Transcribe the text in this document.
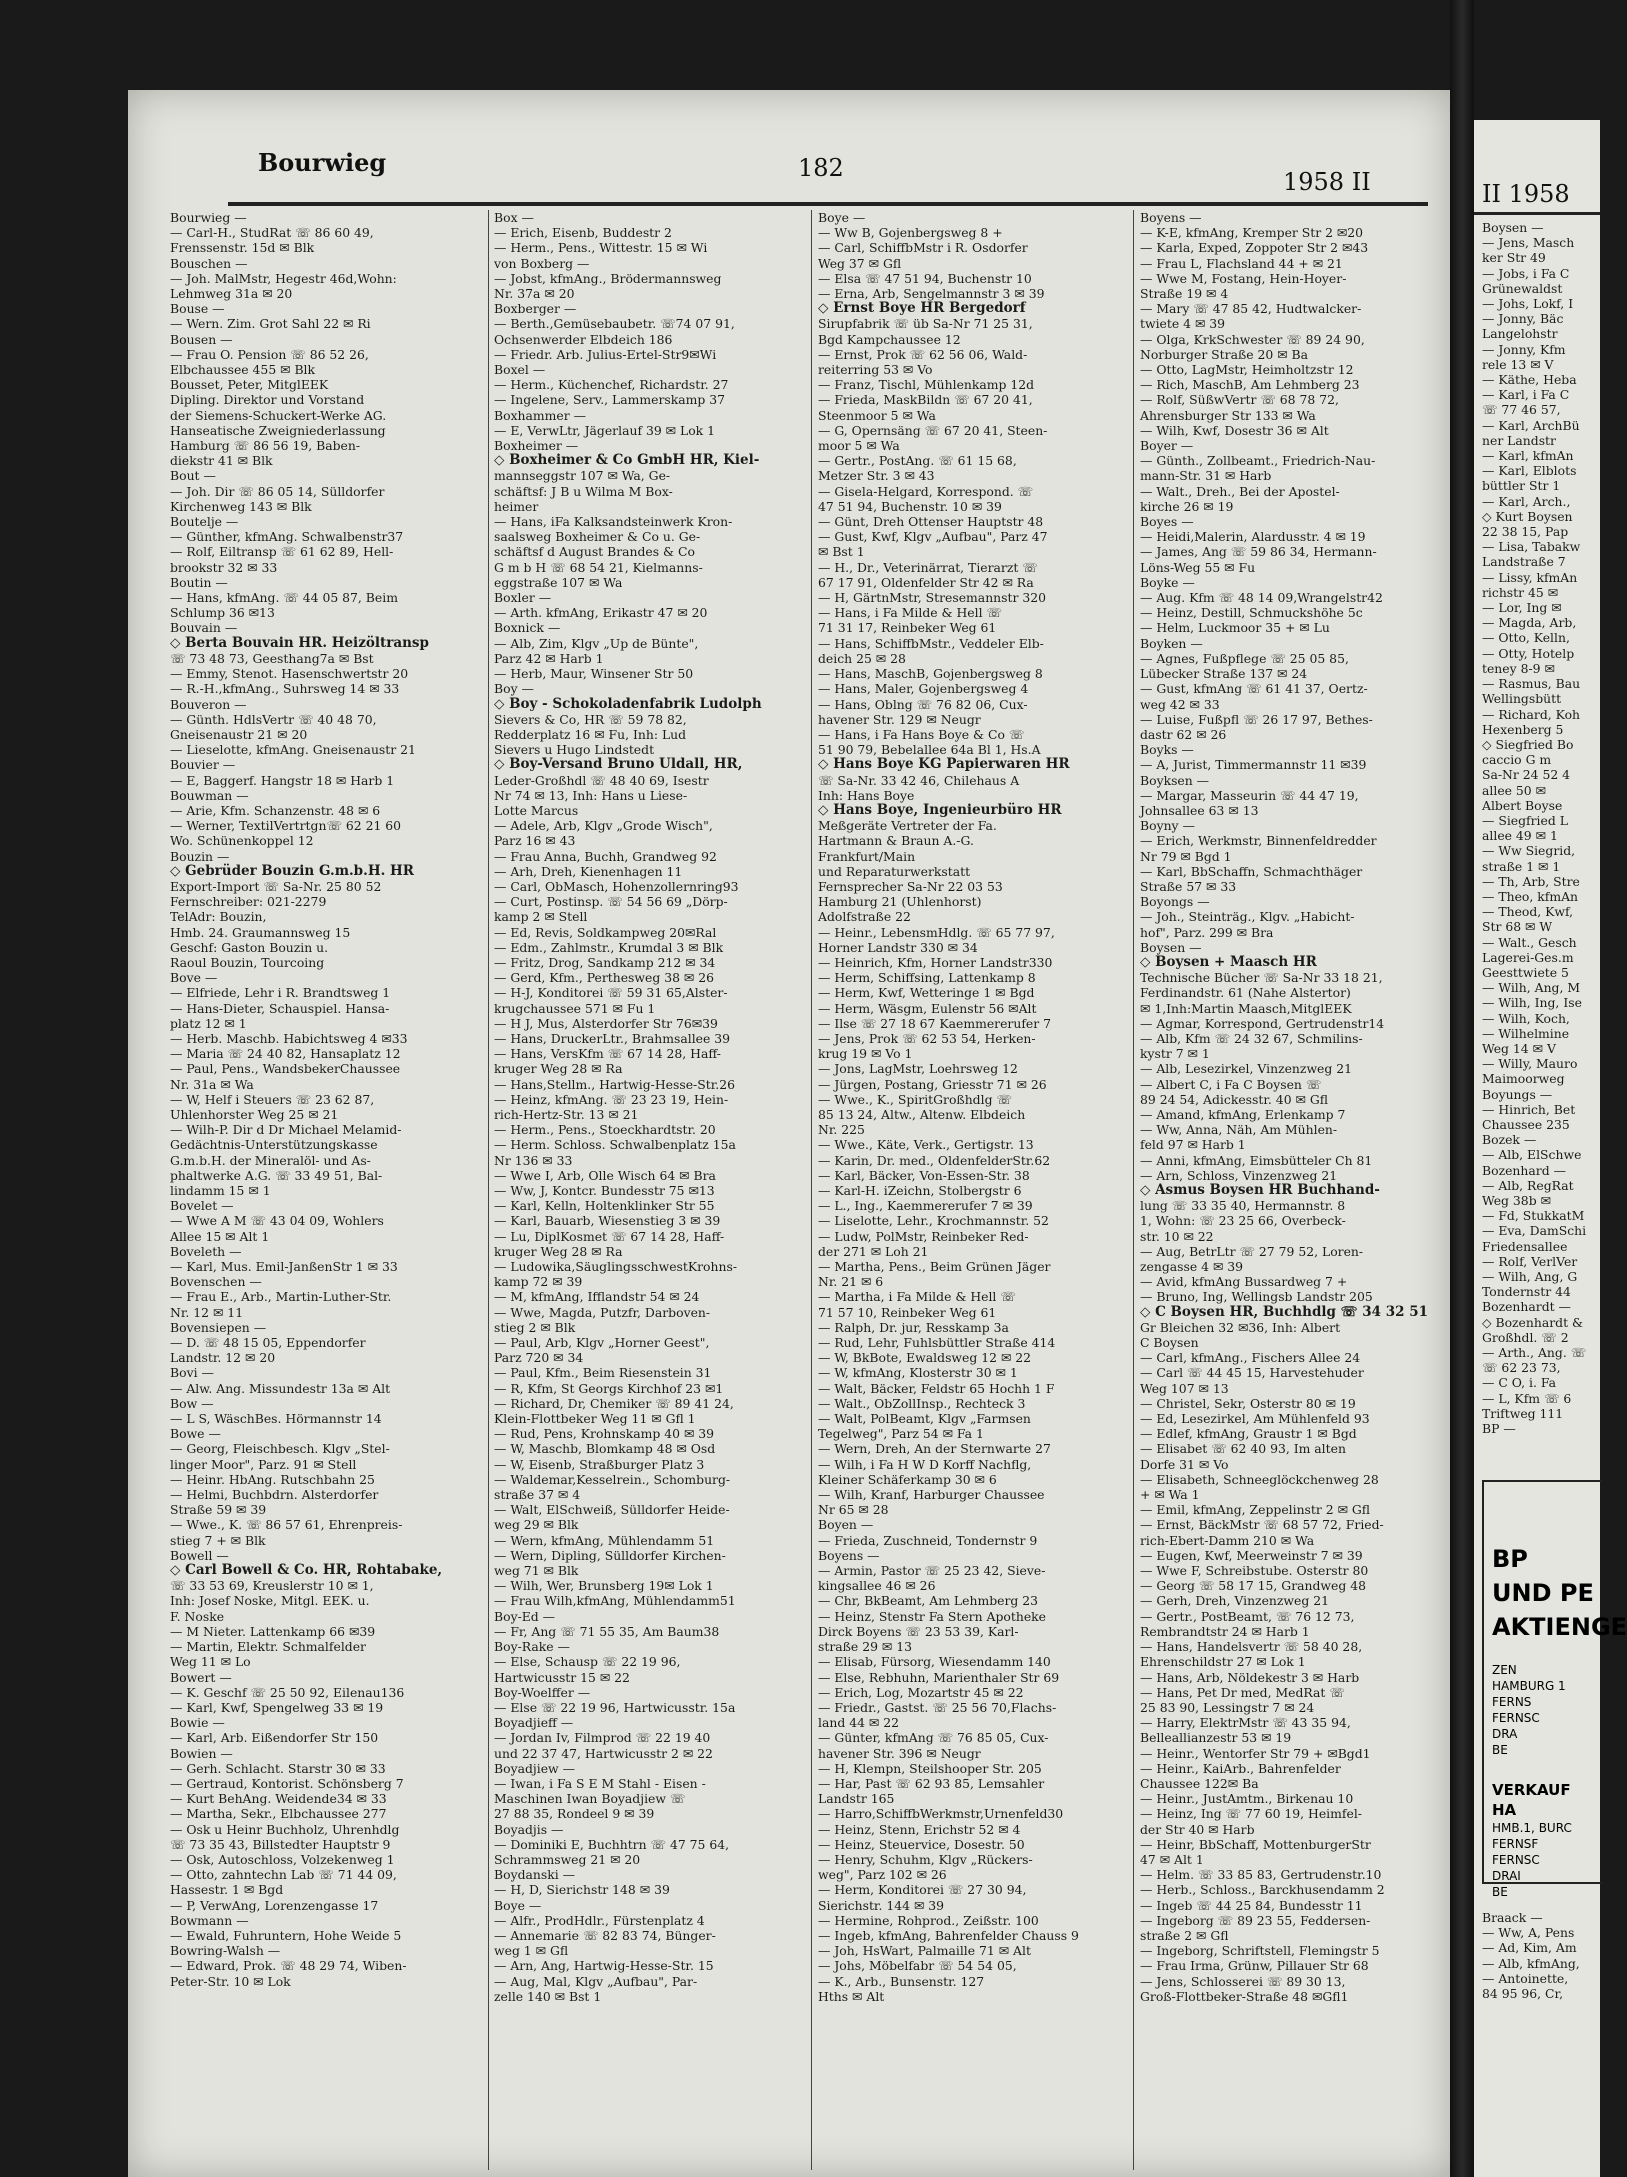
Bourwieg	182	1958 II
Bourwieg —
— Carl-H., StudRat ☏ 86 60 49,
Frenssenstr. 15d ✉ Blk
Bouschen —
— Joh. MalMstr, Hegestr 46d,Wohn:
Lehmweg 31a ✉ 20
Bouse —
— Wern. Zim. Grot Sahl 22 ✉ Ri
Bousen —
— Frau O. Pension ☏ 86 52 26,
Elbchaussee 455 ✉ Blk
Bousset, Peter, MitglEEK
Dipling. Direktor und Vorstand
der Siemens-Schuckert-Werke AG.
Hanseatische Zweigniederlassung
Hamburg ☏ 86 56 19, Baben-
diekstr 41 ✉ Blk
Bout —
— Joh. Dir ☏ 86 05 14, Sülldorfer
Kirchenweg 143 ✉ Blk
Boutelje —
— Günther, kfmAng. Schwalbenstr37
— Rolf, Eiltransp ☏ 61 62 89, Hell-
brookstr 32 ✉ 33
Boutin —
— Hans, kfmAng. ☏ 44 05 87, Beim
Schlump 36 ✉13
Bouvain —
◇ Berta Bouvain HR. Heizöltransp
☏ 73 48 73, Geesthang7a ✉ Bst
— Emmy, Stenot. Hasenschwertstr 20
— R.-H.,kfmAng., Suhrsweg 14 ✉ 33
Bouveron —
— Günth. HdlsVertr ☏ 40 48 70,
Gneisenaustr 21 ✉ 20
— Lieselotte, kfmAng. Gneisenaustr 21
Bouvier —
— E, Baggerf. Hangstr 18 ✉ Harb 1
Bouwman —
— Arie, Kfm. Schanzenstr. 48 ✉ 6
— Werner, TextilVertrtgn☏ 62 21 60
Wo. Schünenkoppel 12
Bouzin —
◇ Gebrüder Bouzin G.m.b.H. HR
Export-Import ☏ Sa-Nr. 25 80 52
Fernschreiber: 021-2279
TelAdr: Bouzin,
Hmb. 24. Graumannsweg 15
Geschf: Gaston Bouzin u.
Raoul Bouzin, Tourcoing
Bove —
— Elfriede, Lehr i R. Brandtsweg 1
— Hans-Dieter, Schauspiel. Hansa-
platz 12 ✉ 1
— Herb. Maschb. Habichtsweg 4 ✉33
— Maria ☏ 24 40 82, Hansaplatz 12
— Paul, Pens., WandsbekerChaussee
Nr. 31a ✉ Wa
— W, Helf i Steuers ☏ 23 62 87,
Uhlenhorster Weg 25 ✉ 21
— Wilh-P. Dir d Dr Michael Melamid-
Gedächtnis-Unterstützungskasse
G.m.b.H. der Mineralöl- und As-
phaltwerke A.G. ☏ 33 49 51, Bal-
lindamm 15 ✉ 1
Bovelet —
— Wwe A M ☏ 43 04 09, Wohlers
Allee 15 ✉ Alt 1
Boveleth —
— Karl, Mus. Emil-JanßenStr 1 ✉ 33
Bovenschen —
— Frau E., Arb., Martin-Luther-Str.
Nr. 12 ✉ 11
Bovensiepen —
— D. ☏ 48 15 05, Eppendorfer
Landstr. 12 ✉ 20
Bovi —
— Alw. Ang. Missundestr 13a ✉ Alt
Bow —
— L S, WäschBes. Hörmannstr 14
Bowe —
— Georg, Fleischbesch. Klgv „Stel-
linger Moor", Parz. 91 ✉ Stell
— Heinr. HbAng. Rutschbahn 25
— Helmi, Buchbdrn. Alsterdorfer
Straße 59 ✉ 39
— Wwe., K. ☏ 86 57 61, Ehrenpreis-
stieg 7 + ✉ Blk
Bowell —
◇ Carl Bowell & Co. HR, Rohtabake,
☏ 33 53 69, Kreuslerstr 10 ✉ 1,
Inh: Josef Noske, Mitgl. EEK. u.
F. Noske
— M Nieter. Lattenkamp 66 ✉39
— Martin, Elektr. Schmalfelder
Weg 11 ✉ Lo
Bowert —
— K. Geschf ☏ 25 50 92, Eilenau136
— Karl, Kwf, Spengelweg 33 ✉ 19
Bowie —
— Karl, Arb. Eißendorfer Str 150
Bowien —
— Gerh. Schlacht. Starstr 30 ✉ 33
— Gertraud, Kontorist. Schönsberg 7
— Kurt BehAng. Weidende34 ✉ 33
— Martha, Sekr., Elbchaussee 277
— Osk u Heinr Buchholz, Uhrenhdlg
☏ 73 35 43, Billstedter Hauptstr 9
— Osk, Autoschloss, Volzekenweg 1
— Otto, zahntechn Lab ☏ 71 44 09,
Hassestr. 1 ✉ Bgd
— P, VerwAng, Lorenzengasse 17
Bowmann —
— Ewald, Fuhruntern, Hohe Weide 5
Bowring-Walsh —
— Edward, Prok. ☏ 48 29 74, Wiben-
Peter-Str. 10 ✉ Lok
Box —
— Erich, Eisenb, Buddestr 2
— Herm., Pens., Wittestr. 15 ✉ Wi
von Boxberg —
— Jobst, kfmAng., Brödermannsweg
Nr. 37a ✉ 20
Boxberger —
— Berth.,Gemüsebaubetr. ☏74 07 91,
Ochsenwerder Elbdeich 186
— Friedr. Arb. Julius-Ertel-Str9✉Wi
Boxel —
— Herm., Küchenchef, Richardstr. 27
— Ingelene, Serv., Lammerskamp 37
Boxhammer —
— E, VerwLtr, Jägerlauf 39 ✉ Lok 1
Boxheimer —
◇ Boxheimer & Co GmbH HR, Kiel-
mannseggstr 107 ✉ Wa, Ge-
schäftsf: J B u Wilma M Box-
heimer
— Hans, iFa Kalksandsteinwerk Kron-
saalsweg Boxheimer & Co u. Ge-
schäftsf d August Brandes & Co
G m b H ☏ 68 54 21, Kielmanns-
eggstraße 107 ✉ Wa
Boxler —
— Arth. kfmAng, Erikastr 47 ✉ 20
Boxnick —
— Alb, Zim, Klgv „Up de Bünte",
Parz 42 ✉ Harb 1
— Herb, Maur, Winsener Str 50
Boy —
◇ Boy - Schokoladenfabrik Ludolph
Sievers & Co, HR ☏ 59 78 82,
Redderplatz 16 ✉ Fu, Inh: Lud
Sievers u Hugo Lindstedt
◇ Boy-Versand Bruno Uldall, HR,
Leder-Großhdl ☏ 48 40 69, Isestr
Nr 74 ✉ 13, Inh: Hans u Liese-
Lotte Marcus
— Adele, Arb, Klgv „Grode Wisch",
Parz 16 ✉ 43
— Frau Anna, Buchh, Grandweg 92
— Arh, Dreh, Kienenhagen 11
— Carl, ObMasch, Hohenzollernring93
— Curt, Postinsp. ☏ 54 56 69 „Dörp-
kamp 2 ✉ Stell
— Ed, Revis, Soldkampweg 20✉Ral
— Edm., Zahlmstr., Krumdal 3 ✉ Blk
— Fritz, Drog, Sandkamp 212 ✉ 34
— Gerd, Kfm., Perthesweg 38 ✉ 26
— H-J, Konditorei ☏ 59 31 65,Alster-
krugchaussee 571 ✉ Fu 1
— H J, Mus, Alsterdorfer Str 76✉39
— Hans, DruckerLtr., Brahmsallee 39
— Hans, VersKfm ☏ 67 14 28, Haff-
kruger Weg 28 ✉ Ra
— Hans,Stellm., Hartwig-Hesse-Str.26
— Heinz, kfmAng. ☏ 23 23 19, Hein-
rich-Hertz-Str. 13 ✉ 21
— Herm., Pens., Stoeckhardtstr. 20
— Herm. Schloss. Schwalbenplatz 15a
Nr 136 ✉ 33
— Wwe I, Arb, Olle Wisch 64 ✉ Bra
— Ww, J, Kontcr. Bundesstr 75 ✉13
— Karl, Kelln, Holtenklinker Str 55
— Karl, Bauarb, Wiesenstieg 3 ✉ 39
— Lu, DiplKosmet ☏ 67 14 28, Haff-
kruger Weg 28 ✉ Ra
— Ludowika,SäuglingsschwestKrohns-
kamp 72 ✉ 39
— M, kfmAng, Ifflandstr 54 ✉ 24
— Wwe, Magda, Putzfr, Darboven-
stieg 2 ✉ Blk
— Paul, Arb, Klgv „Horner Geest",
Parz 720 ✉ 34
— Paul, Kfm., Beim Riesenstein 31
— R, Kfm, St Georgs Kirchhof 23 ✉1
— Richard, Dr, Chemiker ☏ 89 41 24,
Klein-Flottbeker Weg 11 ✉ Gfl 1
— Rud, Pens, Krohnskamp 40 ✉ 39
— W, Maschb, Blomkamp 48 ✉ Osd
— W, Eisenb, Straßburger Platz 3
— Waldemar,Kesselrein., Schomburg-
straße 37 ✉ 4
— Walt, ElSchweiß, Sülldorfer Heide-
weg 29 ✉ Blk
— Wern, kfmAng, Mühlendamm 51
— Wern, Dipling, Sülldorfer Kirchen-
weg 71 ✉ Blk
— Wilh, Wer, Brunsberg 19✉ Lok 1
— Frau Wilh,kfmAng, Mühlendamm51
Boy-Ed —
— Fr, Ang ☏ 71 55 35, Am Baum38
Boy-Rake —
— Else, Schausp ☏ 22 19 96,
Hartwicusstr 15 ✉ 22
Boy-Woelffer —
— Else ☏ 22 19 96, Hartwicusstr. 15a
Boyadjieff —
— Jordan Iv, Filmprod ☏ 22 19 40
und 22 37 47, Hartwicusstr 2 ✉ 22
Boyadjiew —
— Iwan, i Fa S E M Stahl - Eisen -
Maschinen Iwan Boyadjiew ☏
27 88 35, Rondeel 9 ✉ 39
Boyadjis —
— Dominiki E, Buchhtrn ☏ 47 75 64,
Schrammsweg 21 ✉ 20
Boydanski —
— H, D, Sierichstr 148 ✉ 39
Boye —
— Alfr., ProdHdlr., Fürstenplatz 4
— Annemarie ☏ 82 83 74, Bünger-
weg 1 ✉ Gfl
— Arn, Ang, Hartwig-Hesse-Str. 15
— Aug, Mal, Klgv „Aufbau", Par-
zelle 140 ✉ Bst 1
Boye —
— Ww B, Gojenbergsweg 8 +
— Carl, SchiffbMstr i R. Osdorfer
Weg 37 ✉ Gfl
— Elsa ☏ 47 51 94, Buchenstr 10
— Erna, Arb, Sengelmannstr 3 ✉ 39
◇ Ernst Boye HR Bergedorf
Sirupfabrik ☏ üb Sa-Nr 71 25 31,
Bgd Kampchaussee 12
— Ernst, Prok ☏ 62 56 06, Wald-
reiterring 53 ✉ Vo
— Franz, Tischl, Mühlenkamp 12d
— Frieda, MaskBildn ☏ 67 20 41,
Steenmoor 5 ✉ Wa
— G, Opernsäng ☏ 67 20 41, Steen-
moor 5 ✉ Wa
— Gertr., PostAng. ☏ 61 15 68,
Metzer Str. 3 ✉ 43
— Gisela-Helgard, Korrespond. ☏
47 51 94, Buchenstr. 10 ✉ 39
— Günt, Dreh Ottenser Hauptstr 48
— Gust, Kwf, Klgv „Aufbau", Parz 47
✉ Bst 1
— H., Dr., Veterinärrat, Tierarzt ☏
67 17 91, Oldenfelder Str 42 ✉ Ra
— H, GärtnMstr, Stresemannstr 320
— Hans, i Fa Milde & Hell ☏
71 31 17, Reinbeker Weg 61
— Hans, SchiffbMstr., Veddeler Elb-
deich 25 ✉ 28
— Hans, MaschB, Gojenbergsweg 8
— Hans, Maler, Gojenbergsweg 4
— Hans, Oblng ☏ 76 82 06, Cux-
havener Str. 129 ✉ Neugr
— Hans, i Fa Hans Boye & Co ☏
51 90 79, Bebelallee 64a Bl 1, Hs.A
◇ Hans Boye KG Papierwaren HR
☏ Sa-Nr. 33 42 46, Chilehaus A
Inh: Hans Boye
◇ Hans Boye, Ingenieurbüro HR
Meßgeräte Vertreter der Fa.
Hartmann & Braun A.-G.
Frankfurt/Main
und Reparaturwerkstatt
Fernsprecher Sa-Nr 22 03 53
Hamburg 21 (Uhlenhorst)
Adolfstraße 22
— Heinr., LebensmHdlg. ☏ 65 77 97,
Horner Landstr 330 ✉ 34
— Heinrich, Kfm, Horner Landstr330
— Herm, Schiffsing, Lattenkamp 8
— Herm, Kwf, Wetteringe 1 ✉ Bgd
— Herm, Wäsgm, Eulenstr 56 ✉Alt
— Ilse ☏ 27 18 67 Kaemmererufer 7
— Jens, Prok ☏ 62 53 54, Herken-
krug 19 ✉ Vo 1
— Jons, LagMstr, Loehrsweg 12
— Jürgen, Postang, Griesstr 71 ✉ 26
— Wwe., K., SpiritGroßhdlg ☏
85 13 24, Altw., Altenw. Elbdeich
Nr. 225
— Wwe., Käte, Verk., Gertigstr. 13
— Karin, Dr. med., OldenfelderStr.62
— Karl, Bäcker, Von-Essen-Str. 38
— Karl-H. iZeichn, Stolbergstr 6
— L., Ing., Kaemmererufer 7 ✉ 39
— Liselotte, Lehr., Krochmannstr. 52
— Ludw, PolMstr, Reinbeker Red-
der 271 ✉ Loh 21
— Martha, Pens., Beim Grünen Jäger
Nr. 21 ✉ 6
— Martha, i Fa Milde & Hell ☏
71 57 10, Reinbeker Weg 61
— Ralph, Dr. jur, Resskamp 3a
— Rud, Lehr, Fuhlsbüttler Straße 414
— W, BkBote, Ewaldsweg 12 ✉ 22
— W, kfmAng, Klosterstr 30 ✉ 1
— Walt, Bäcker, Feldstr 65 Hochh 1 F
— Walt., ObZollInsp., Rechteck 3
— Walt, PolBeamt, Klgv „Farmsen
Tegelweg", Parz 54 ✉ Fa 1
— Wern, Dreh, An der Sternwarte 27
— Wilh, i Fa H W D Korff Nachflg,
Kleiner Schäferkamp 30 ✉ 6
— Wilh, Kranf, Harburger Chaussee
Nr 65 ✉ 28
Boyen —
— Frieda, Zuschneid, Tondernstr 9
Boyens —
— Armin, Pastor ☏ 25 23 42, Sieve-
kingsallee 46 ✉ 26
— Chr, BkBeamt, Am Lehmberg 23
— Heinz, Stenstr Fa Stern Apotheke
Dirck Boyens ☏ 23 53 39, Karl-
straße 29 ✉ 13
— Elisab, Fürsorg, Wiesendamm 140
— Else, Rebhuhn, Marienthaler Str 69
— Erich, Log, Mozartstr 45 ✉ 22
— Friedr., Gastst. ☏ 25 56 70,Flachs-
land 44 ✉ 22
— Günter, kfmAng ☏ 76 85 05, Cux-
havener Str. 396 ✉ Neugr
— H, Klempn, Steilshooper Str. 205
— Har, Past ☏ 62 93 85, Lemsahler
Landstr 165
— Harro,SchiffbWerkmstr,Urnenfeld30
— Heinz, Stenn, Erichstr 52 ✉ 4
— Heinz, Steuervice, Dosestr. 50
— Henry, Schuhm, Klgv „Rückers-
weg", Parz 102 ✉ 26
— Herm, Konditorei ☏ 27 30 94,
Sierichstr. 144 ✉ 39
— Hermine, Rohprod., Zeißstr. 100
— Ingeb, kfmAng, Bahrenfelder Chauss 9
— Joh, HsWart, Palmaille 71 ✉ Alt
— Johs, Möbelfabr ☏ 54 54 05,
— K., Arb., Bunsenstr. 127
Hths ✉ Alt
Boyens —
— K-E, kfmAng, Kremper Str 2 ✉20
— Karla, Exped, Zoppoter Str 2 ✉43
— Frau L, Flachsland 44 + ✉ 21
— Wwe M, Fostang, Hein-Hoyer-
Straße 19 ✉ 4
— Mary ☏ 47 85 42, Hudtwalcker-
twiete 4 ✉ 39
— Olga, KrkSchwester ☏ 89 24 90,
Norburger Straße 20 ✉ Ba
— Otto, LagMstr, Heimholtzstr 12
— Rich, MaschB, Am Lehmberg 23
— Rolf, SüßwVertr ☏ 68 78 72,
Ahrensburger Str 133 ✉ Wa
— Wilh, Kwf, Dosestr 36 ✉ Alt
Boyer —
— Günth., Zollbeamt., Friedrich-Nau-
mann-Str. 31 ✉ Harb
— Walt., Dreh., Bei der Apostel-
kirche 26 ✉ 19
Boyes —
— Heidi,Malerin, Alardusstr. 4 ✉ 19
— James, Ang ☏ 59 86 34, Hermann-
Löns-Weg 55 ✉ Fu
Boyke —
— Aug. Kfm ☏ 48 14 09,Wrangelstr42
— Heinz, Destill, Schmuckshöhe 5c
— Helm, Luckmoor 35 + ✉ Lu
Boyken —
— Agnes, Fußpflege ☏ 25 05 85,
Lübecker Straße 137 ✉ 24
— Gust, kfmAng ☏ 61 41 37, Oertz-
weg 42 ✉ 33
— Luise, Fußpfl ☏ 26 17 97, Bethes-
dastr 62 ✉ 26
Boyks —
— A, Jurist, Timmermannstr 11 ✉39
Boyksen —
— Margar, Masseurin ☏ 44 47 19,
Johnsallee 63 ✉ 13
Boyny —
— Erich, Werkmstr, Binnenfeldredder
Nr 79 ✉ Bgd 1
— Karl, BbSchaffn, Schmachthäger
Straße 57 ✉ 33
Boyongs —
— Joh., Steinträg., Klgv. „Habicht-
hof", Parz. 299 ✉ Bra
Boysen —
◇ Boysen + Maasch HR
Technische Bücher ☏ Sa-Nr 33 18 21,
Ferdinandstr. 61 (Nahe Alstertor)
✉ 1,Inh:Martin Maasch,MitglEEK
— Agmar, Korrespond, Gertrudenstr14
— Alb, Kfm ☏ 24 32 67, Schmilins-
kystr 7 ✉ 1
— Alb, Lesezirkel, Vinzenzweg 21
— Albert C, i Fa C Boysen ☏
89 24 54, Adickesstr. 40 ✉ Gfl
— Amand, kfmAng, Erlenkamp 7
— Ww, Anna, Näh, Am Mühlen-
feld 97 ✉ Harb 1
— Anni, kfmAng, Eimsbütteler Ch 81
— Arn, Schloss, Vinzenzweg 21
◇ Asmus Boysen HR Buchhand-
lung ☏ 33 35 40, Hermannstr. 8
1, Wohn: ☏ 23 25 66, Overbeck-
str. 10 ✉ 22
— Aug, BetrLtr ☏ 27 79 52, Loren-
zengasse 4 ✉ 39
— Avid, kfmAng Bussardweg 7 +
— Bruno, Ing, Wellingsb Landstr 205
◇ C Boysen HR, Buchhdlg ☏ 34 32 51
Gr Bleichen 32 ✉36, Inh: Albert
C Boysen
— Carl, kfmAng., Fischers Allee 24
— Carl ☏ 44 45 15, Harvestehuder
Weg 107 ✉ 13
— Christel, Sekr, Osterstr 80 ✉ 19
— Ed, Lesezirkel, Am Mühlenfeld 93
— Edlef, kfmAng, Graustr 1 ✉ Bgd
— Elisabet ☏ 62 40 93, Im alten
Dorfe 31 ✉ Vo
— Elisabeth, Schneeglöckchenweg 28
+ ✉ Wa 1
— Emil, kfmAng, Zeppelinstr 2 ✉ Gfl
— Ernst, BäckMstr ☏ 68 57 72, Fried-
rich-Ebert-Damm 210 ✉ Wa
— Eugen, Kwf, Meerweinstr 7 ✉ 39
— Wwe F, Schreibstube. Osterstr 80
— Georg ☏ 58 17 15, Grandweg 48
— Gerh, Dreh, Vinzenzweg 21
— Gertr., PostBeamt, ☏ 76 12 73,
Rembrandtstr 24 ✉ Harb 1
— Hans, Handelsvertr ☏ 58 40 28,
Ehrenschildstr 27 ✉ Lok 1
— Hans, Arb, Nöldekestr 3 ✉ Harb
— Hans, Pet Dr med, MedRat ☏
25 83 90, Lessingstr 7 ✉ 24
— Harry, ElektrMstr ☏ 43 35 94,
Belleallianzestr 53 ✉ 19
— Heinr., Wentorfer Str 79 + ✉Bgd1
— Heinr., KaiArb., Bahrenfelder
Chaussee 122✉ Ba
— Heinr., JustAmtm., Birkenau 10
— Heinz, Ing ☏ 77 60 19, Heimfel-
der Str 40 ✉ Harb
— Heinr, BbSchaff, MottenburgerStr
47 ✉ Alt 1
— Helm. ☏ 33 85 83, Gertrudenstr.10
— Herb., Schloss., Barckhusendamm 2
— Ingeb ☏ 44 25 84, Bundesstr 11
— Ingeborg ☏ 89 23 55, Feddersen-
straße 2 ✉ Gfl
— Ingeborg, Schriftstell, Flemingstr 5
— Frau Irma, Grünw, Pillauer Str 68
— Jens, Schlosserei ☏ 89 30 13,
Groß-Flottbeker-Straße 48 ✉Gfl1
II 1958
Boysen —
— Jens, Masch
ker Str 49
— Jobs, i Fa C
Grünewaldst
— Johs, Lokf, I
— Jonny, Bäc
Langelohstr
— Jonny, Kfm
rele 13 ✉ V
— Käthe, Heba
— Karl, i Fa C
☏ 77 46 57,
— Karl, ArchBü
ner Landstr
— Karl, kfmAn
— Karl, Elblots
büttler Str 1
— Karl, Arch.,
◇ Kurt Boysen
22 38 15, Pap
— Lisa, Tabakw
Landstraße 7
— Lissy, kfmAn
richstr 45 ✉
— Lor, Ing ✉
— Magda, Arb,
— Otto, Kelln,
— Otty, Hotelp
teney 8-9 ✉
— Rasmus, Bau
Wellingsbütt
— Richard, Koh
Hexenberg 5
◇ Siegfried Bo
caccio G m
Sa-Nr 24 52 4
allee 50 ✉
Albert Boyse
— Siegfried L
allee 49 ✉ 1
— Ww Siegrid,
straße 1 ✉ 1
— Th, Arb, Stre
— Theo, kfmAn
— Theod, Kwf,
Str 68 ✉ W
— Walt., Gesch
Lagerei-Ges.m
Geesttwiete 5
— Wilh, Ang, M
— Wilh, Ing, Ise
— Wilh, Koch,
— Wilhelmine
Weg 14 ✉ V
— Willy, Mauro
Maimoorweg
Boyungs —
— Hinrich, Bet
Chaussee 235
Bozek —
— Alb, ElSchwe
Bozenhard —
— Alb, RegRat
Weg 38b ✉
— Fd, StukkatM
— Eva, DamSchi
Friedensallee
— Rolf, VerlVer
— Wilh, Ang, G
Tondernstr 44
Bozenhardt —
◇ Bozenhardt &
Großhdl. ☏ 2
— Arth., Ang. ☏
☏ 62 23 73,
— C O, i. Fa
— L, Kfm ☏ 6
Triftweg 111
BP —
BP
UND PE
AKTIENGE
ZEN
HAMBURG 1
FERNS
FERNSC
DRA
BE
VERKAUF
HA
HMB.1, BURC
FERNSF
FERNSC
DRAI
BE
Braack —
— Ww, A, Pens
— Ad, Kim, Am
— Alb, kfmAng,
— Antoinette,
84 95 96, Cr,
